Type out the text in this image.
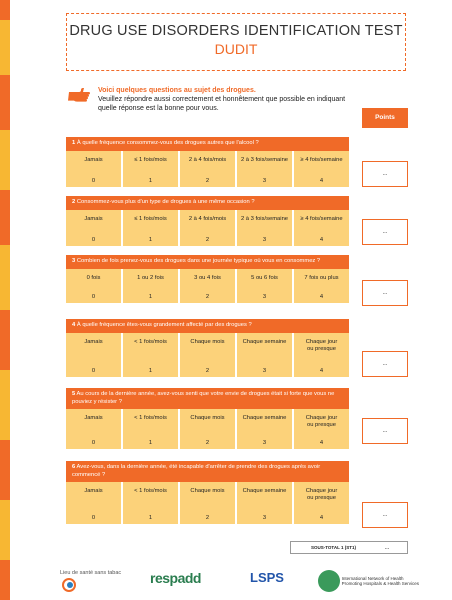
DRUG USE DISORDERS IDENTIFICATION TEST
DUDIT
Voici quelques questions au sujet des drogues.
Veuillez répondre aussi correctement et honnêtement que possible en indiquant quelle réponse est la bonne pour vous.
Points
1 À quelle fréquence consommez-vous des drogues autres que l'alcool ?
Jamais
0
≤ 1 fois/mois
1
2 à 4 fois/mois
2
2 à 3 fois/semaine
3
≥ 4 fois/semaine
4
...
2 Consommez-vous plus d'un type de drogues à une même occasion ?
Jamais
0
≤ 1 fois/mois
1
2 à 4 fois/mois
2
2 à 3 fois/semaine
3
≥ 4 fois/semaine
4
...
3 Combien de fois prenez-vous des drogues dans une journée typique où vous en consommez ?
0 fois
0
1 ou 2 fois
1
3 ou 4 fois
2
5 ou 6 fois
3
7 fois ou plus
4
...
4 À quelle fréquence êtes-vous grandement affecté par des drogues ?
Jamais
0
< 1 fois/mois
1
Chaque mois
2
Chaque semaine
3
Chaque jour ou presque
4
...
5 Au cours de la dernière année, avez-vous senti que votre envie de drogues était si forte que vous ne pouviez y résister ?
Jamais
0
< 1 fois/mois
1
Chaque mois
2
Chaque semaine
3
Chaque jour ou presque
4
...
6 Avez-vous, dans la dernière année, été incapable d'arrêter de prendre des drogues après avoir commencé ?
Jamais
0
< 1 fois/mois
1
Chaque mois
2
Chaque semaine
3
Chaque jour ou presque
4	...
SOUS-TOTAL 1 (ST1)	...
Lieu de santé sans tabac	respadd	LSPS	International Network of Health Promoting Hospitals & Health Services
